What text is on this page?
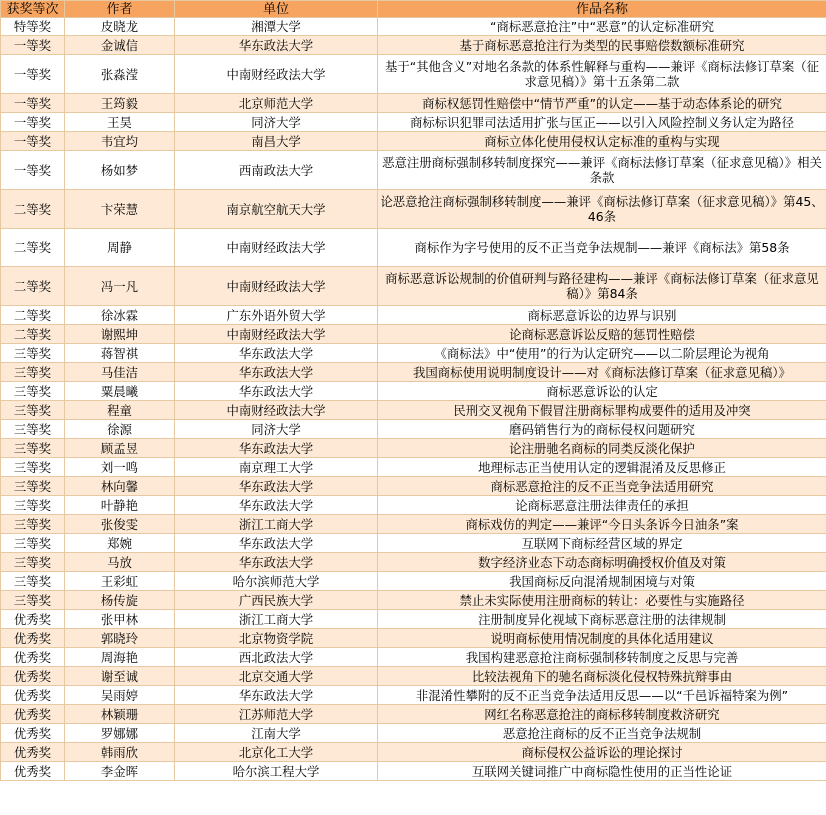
获奖等次	作者	单位	作品名称
特等奖	皮晓龙	湘潭大学	“商标恶意抢注”中“恶意”的认定标准研究
一等奖	金诚信	华东政法大学	基于商标恶意抢注行为类型的民事赔偿数额标准研究
一等奖	张淼滢	中南财经政法大学	基于“其他含义”对地名条款的体系性解释与重构——兼评《商标法修订草案（征求意见稿）》第十五条第二款
一等奖	王筠毅	北京师范大学	商标权惩罚性赔偿中“情节严重”的认定——基于动态体系论的研究
一等奖	王昊	同济大学	商标标识犯罪司法适用扩张与匡正——以引入风险控制义务认定为路径
一等奖	韦宜均	南昌大学	商标立体化使用侵权认定标准的重构与实现
一等奖	杨如梦	西南政法大学	恶意注册商标强制移转制度探究——兼评《商标法修订草案（征求意见稿）》相关条款
二等奖	卞荣慧	南京航空航天大学	论恶意抢注商标强制移转制度——兼评《商标法修订草案（征求意见稿）》第45、46条
二等奖	周静	中南财经政法大学	商标作为字号使用的反不正当竞争法规制——兼评《商标法》第58条
二等奖	冯一凡	中南财经政法大学	商标恶意诉讼规制的价值研判与路径建构——兼评《商标法修订草案（征求意见稿）》第84条
二等奖	徐冰霖	广东外语外贸大学	商标恶意诉讼的边界与识别
二等奖	谢熙坤	中南财经政法大学	论商标恶意诉讼反赔的惩罚性赔偿
三等奖	蒋智祺	华东政法大学	《商标法》中“使用”的行为认定研究——以二阶层理论为视角
三等奖	马佳洁	华东政法大学	我国商标使用说明制度设计——对《商标法修订草案（征求意见稿）》
三等奖	粟晨曦	华东政法大学	商标恶意诉讼的认定
三等奖	程童	中南财经政法大学	民刑交叉视角下假冒注册商标罪构成要件的适用及冲突
三等奖	徐源	同济大学	磨码销售行为的商标侵权问题研究
三等奖	顾孟昱	华东政法大学	论注册驰名商标的同类反淡化保护
三等奖	刘一鸣	南京理工大学	地理标志正当使用认定的逻辑混淆及反思修正
三等奖	林向馨	华东政法大学	商标恶意抢注的反不正当竞争法适用研究
三等奖	叶静艳	华东政法大学	论商标恶意注册法律责任的承担
三等奖	张俊雯	浙江工商大学	商标戏仿的判定——兼评“今日头条诉今日油条”案
三等奖	郑婉	华东政法大学	互联网下商标经营区域的界定
三等奖	马放	华东政法大学	数字经济业态下动态商标明确授权价值及对策
三等奖	王彩虹	哈尔滨师范大学	我国商标反向混淆规制困境与对策
三等奖	杨传旋	广西民族大学	禁止未实际使用注册商标的转让：必要性与实施路径
优秀奖	张甲林	浙江工商大学	注册制度异化视域下商标恶意注册的法律规制
优秀奖	郭晓玲	北京物资学院	说明商标使用情况制度的具体化适用建议
优秀奖	周海艳	西北政法大学	我国构建恶意抢注商标强制移转制度之反思与完善
优秀奖	谢至诚	北京交通大学	比较法视角下的驰名商标淡化侵权特殊抗辩事由
优秀奖	吴雨婷	华东政法大学	非混淆性攀附的反不正当竞争法适用反思——以“千邑诉福特案为例”
优秀奖	林颖珊	江苏师范大学	网红名称恶意抢注的商标移转制度救济研究
优秀奖	罗娜娜	江南大学	恶意抢注商标的反不正当竞争法规制
优秀奖	韩雨欣	北京化工大学	商标侵权公益诉讼的理论探讨
优秀奖	李金晖	哈尔滨工程大学	互联网关键词推广中商标隐性使用的正当性论证
